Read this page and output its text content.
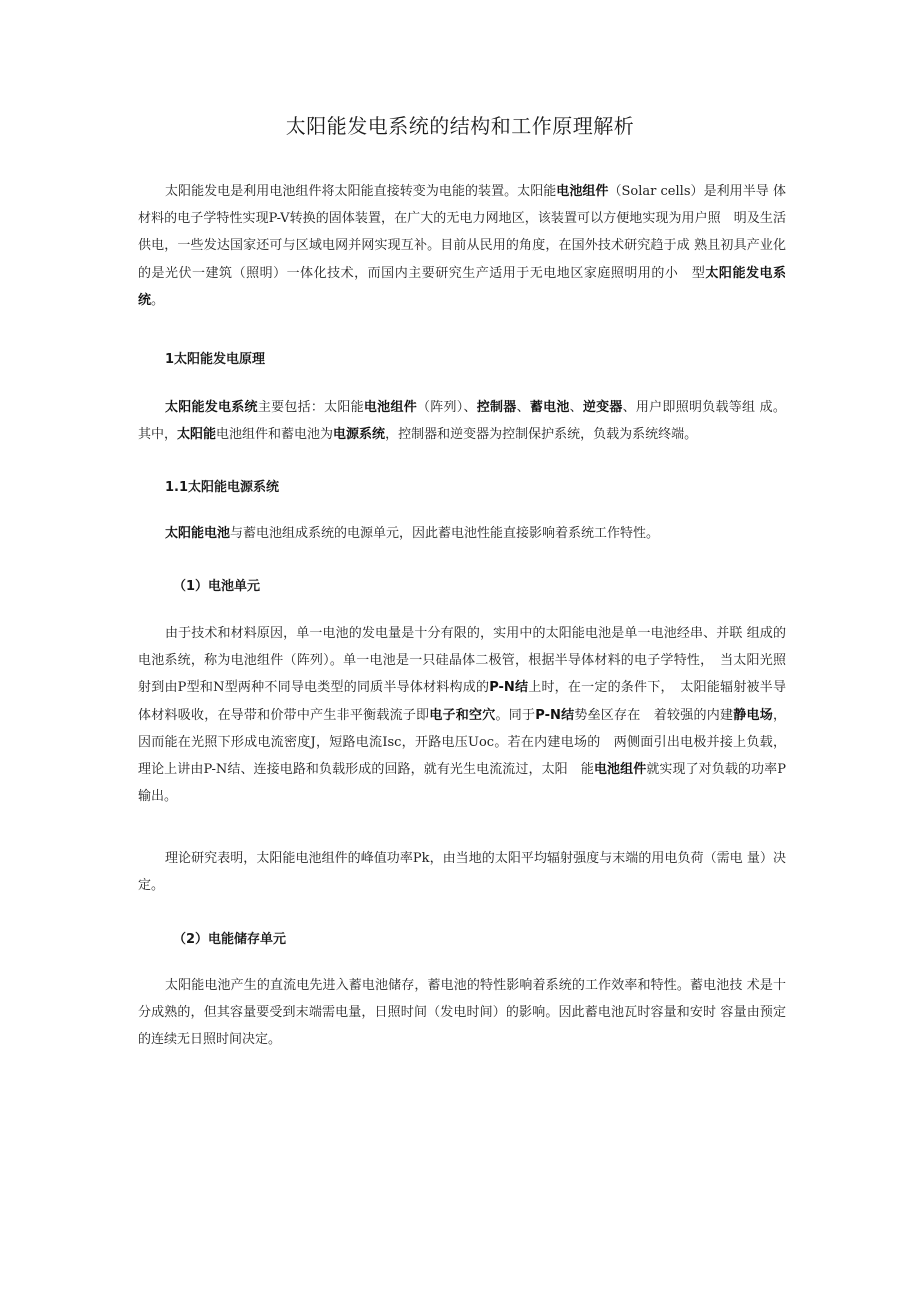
太阳能发电系统的结构和工作原理解析

太阳能发电是利用电池组件将太阳能直接转变为电能的装置。太阳能电池组件（Solar cells）是利用半导 体材料的电子学特性实现P-V转换的固体装置，在广大的无电力网地区，该装置可以方便地实现为用户照　明及生活供电，一些发达国家还可与区域电网并网实现互补。目前从民用的角度，在国外技术研究趋于成 熟且初具产业化的是光伏一建筑（照明）一体化技术，而国内主要研究生产适用于无电地区家庭照明用的小　型太阳能发电系统。

1太阳能发电原理

太阳能发电系统主要包括：太阳能电池组件（阵列）、控制器、蓄电池、逆变器、用户即照明负载等组 成。其中，太阳能电池组件和蓄电池为电源系统，控制器和逆变器为控制保护系统，负载为系统终端。

1.1太阳能电源系统

太阳能电池与蓄电池组成系统的电源单元，因此蓄电池性能直接影响着系统工作特性。

（1）电池单元

由于技术和材料原因，单一电池的发电量是十分有限的，实用中的太阳能电池是单一电池经串、并联 组成的电池系统，称为电池组件（阵列）。单一电池是一只硅晶体二极管，根据半导体材料的电子学特性，　当太阳光照射到由P型和N型两种不同导电类型的同质半导体材料构成的P-N结上时，在一定的条件下，　太阳能辐射被半导体材料吸收，在导带和价带中产生非平衡载流子即电子和空穴。同于P-N结势垒区存在　着较强的内建静电场，因而能在光照下形成电流密度J，短路电流Isc，开路电压Uoc。若在内建电场的　两侧面引出电极并接上负载，理论上讲由P-N结、连接电路和负载形成的回路，就有光生电流流过，太阳　能电池组件就实现了对负载的功率P输出。

理论研究表明，太阳能电池组件的峰值功率Pk，由当地的太阳平均辐射强度与末端的用电负荷（需电 量）决定。

（2）电能储存单元

太阳能电池产生的直流电先进入蓄电池储存，蓄电池的特性影响着系统的工作效率和特性。蓄电池技 术是十分成熟的，但其容量要受到末端需电量，日照时间（发电时间）的影响。因此蓄电池瓦时容量和安时 容量由预定的连续无日照时间决定。
